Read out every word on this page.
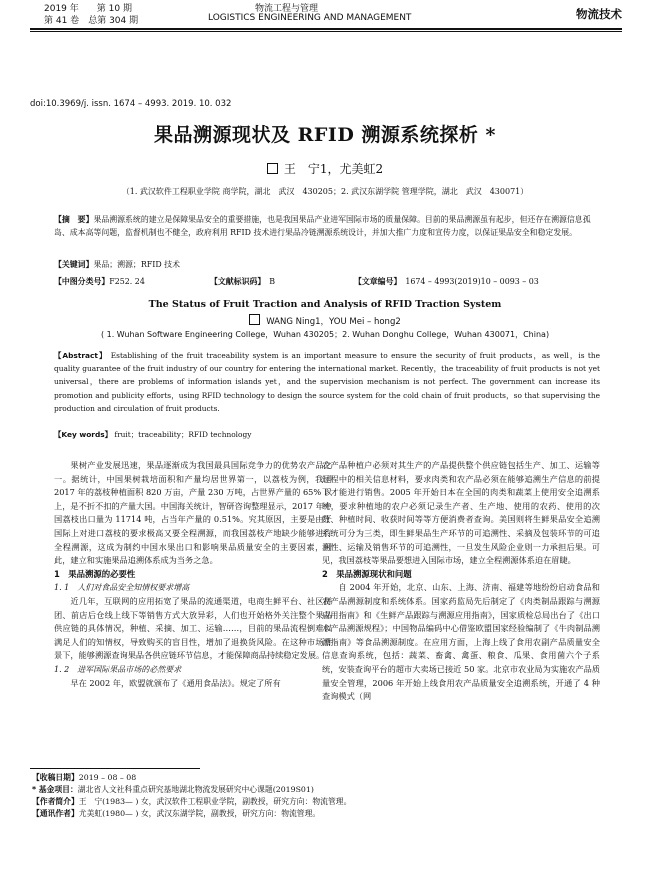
2019 年　　 第 10 期
第 41 卷　 总第 304 期
物流工程与管理
LOGISTICS ENGINEERING AND MANAGEMENT	物流技术
doi:10.3969/j. issn. 1674 – 4993. 2019. 10. 032
果品溯源现状及 RFID 溯源系统探析 *
王　宁1，尤美虹2
（1. 武汉软件工程职业学院 商学院，湖北　武汉　430205；2. 武汉东湖学院 管理学院，湖北　武汉　430071）
【摘　要】果品溯源系统的建立是保障果品安全的重要措施，也是我国果品产业进军国际市场的质量保障。目前的果品溯源虽有起步，但还存在溯源信息孤岛、成本高等问题，监督机制也不健全，政府利用 RFID 技术进行果品冷链溯源系统设计，并加大推广力度和宣传力度，以保证果品安全和稳定发展。
【关键词】果品；溯源；RFID 技术
【中图分类号】 F252. 24	【文献标识码】　 B	【文章编号】　 1674 – 4993(2019)10 – 0093 – 03
The Status of Fruit Traction and Analysis of RFID Traction System
WANG Ning1，YOU Mei – hong2
( 1. Wuhan Software Engineering College，Wuhan 430205；2. Wuhan Donghu College，Wuhan 430071，China)
【Abstract】 Establishing of the fruit traceability system is an important measure to ensure the security of fruit products，as well，is the quality guarantee of the fruit industry of our country for entering the international market. Recently，the traceability of fruit products is not yet universal，there are problems of information islands yet，and the supervision mechanism is not perfect. The government can increase its promotion and publicity efforts，using RFID technology to design the source system for the cold chain of fruit products，so that supervising the production and circulation of fruit products.
【Key words】 fruit；traceability；RFID technology

果树产业发展迅速，果品逐渐成为我国最具国际竞争力的优势农产品之一。据统计，中国果树栽培面积和产量均居世界第一，以荔枝为例，我国 2017 年的荔枝种植面积 820 万亩，产量 230 万吨，占世界产量的 65% 以上，是不折不扣的产量大国。中国海关统计，智研咨询整理显示，2017 年中国荔枝出口量为 11714 吨，占当年产量的 0.51%。究其原因，主要是由于国际上对进口荔枝的要求极高又要全程溯源，而我国荔枝产地缺少能够进行全程溯源，这成为制约中国水果出口和影响果品质量安全的主要因素，因此，建立和实施果品追溯体系成为当务之急。

1　果品溯源的必要性
1. 1　人们对食品安全知情权要求增高

近几年，互联网的应用拓宽了果品的流通渠道，电商生鲜平台、社区拼团、前店后仓线上线下等销售方式大放异彩，人们也开始格外关注整个果品供应链的具体情况，种植、采摘、加工、运输……，目前的果品流程倒难以满足人们的知情权，导致购买的盲目性，增加了退换货风险。在这种市场背景下，能够溯源查询果品各供应链环节信息，才能保障商品持续稳定发展。

1. 2　进军国际果品市场的必然要求

早在 2002 年，欧盟就颁布了《通用食品法》。规定了所有

农产品种植户必须对其生产的产品提供整个供应链包括生产、加工、运输等过程中的相关信息材料，要求肉类和农产品必须在能够追溯生产信息的前提下才能进行销售。2005 年开始日本在全国的肉类和蔬菜上使用安全追溯系统，要求种植地的农户必须记录生产者、生产地、使用的农药、使用的次数、种植时间、收获时间等等方便消费者查询。美国则将生鲜果品安全追溯系统可分为三类，即生鲜果品生产环节的可追溯性、采摘及包装环节的可追溯性、运输及销售环节的可追溯性，一旦发生风险企业则一力承担后果。可见，我国荔枝等果品要想进入国际市场，建立全程溯源体系迫在眉睫。

2　果品溯源现状和问题

自 2004 年开始，北京、山东、上海、济南、福建等地纷纷启动食品和农产品溯源制度和系统体系。国家药监局先后制定了《肉类制品跟踪与溯源应用指南》和《生鲜产品跟踪与溯源应用指南》，国家质检总局出台了《出口水产品溯源规程》；中国物品编码中心借鉴欧盟国家经验编制了《牛肉制品溯源指南》等食品溯源制度。在应用方面，上海上线了食用农副产品质量安全信息查询系统，包括：蔬菜、畜禽、禽蛋、粮食、瓜果、食用菌六个子系统，安装查询平台的超市大卖场已接近 50 家。北京市农业局为实施农产品质量安全管理，2006 年开始上线食用农产品质量安全追溯系统，开通了 4 种查询模式（网

【收稿日期】2019 – 08 – 08
* 基金项目：湖北省人文社科重点研究基地湖北物流发展研究中心课题(2019S01)
【作者简介】王　宁(1983— ) 女，武汉软件工程职业学院，副教授，研究方向：物流管理。
【通讯作者】尤美虹(1980— ) 女，武汉东湖学院，副教授，研究方向：物流管理。
